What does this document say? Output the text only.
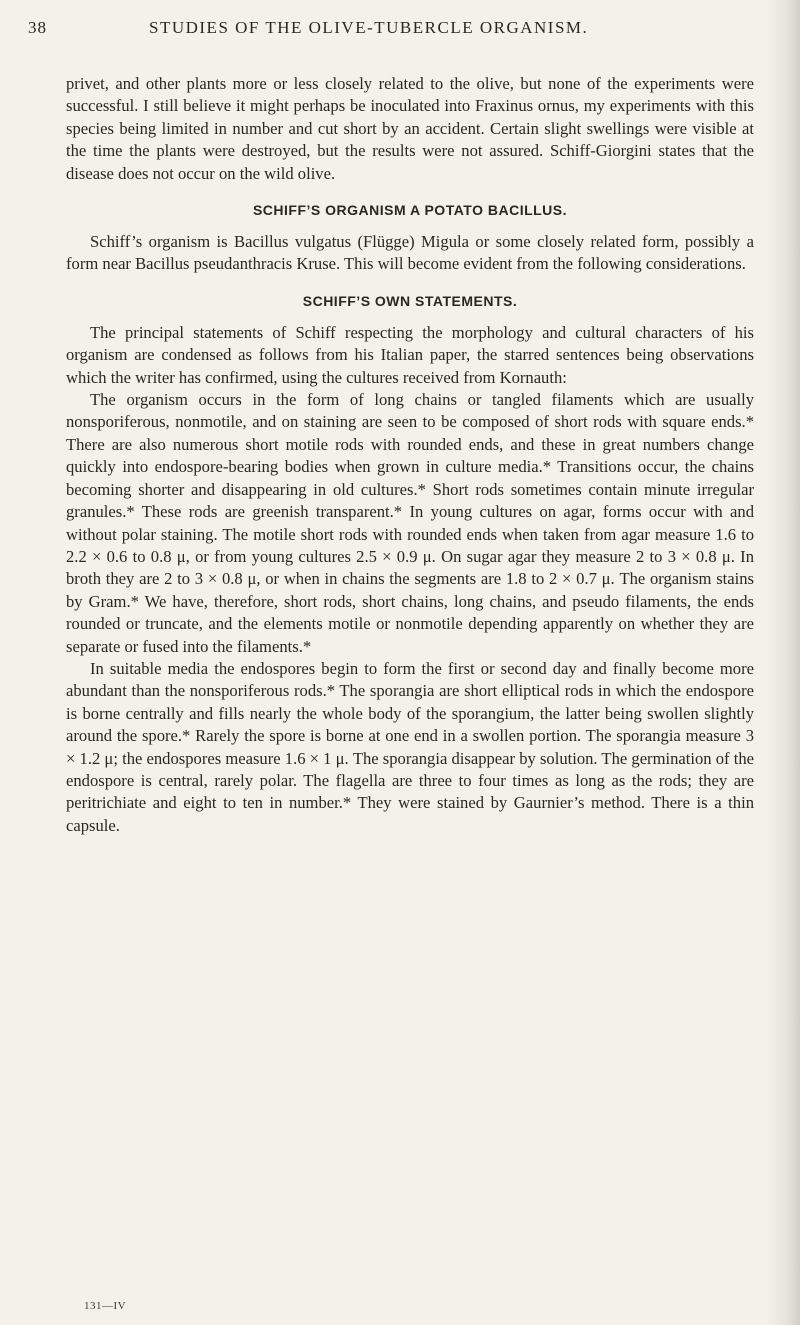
38	STUDIES OF THE OLIVE-TUBERCLE ORGANISM.

privet, and other plants more or less closely related to the olive, but none of the experiments were successful. I still believe it might perhaps be inoculated into Fraxinus ornus, my experiments with this species being limited in number and cut short by an accident. Certain slight swellings were visible at the time the plants were destroyed, but the results were not assured. Schiff-Giorgini states that the disease does not occur on the wild olive.

SCHIFF’S ORGANISM A POTATO BACILLUS.

Schiff’s organism is Bacillus vulgatus (Flügge) Migula or some closely related form, possibly a form near Bacillus pseudanthracis Kruse. This will become evident from the following considerations.

SCHIFF’S OWN STATEMENTS.

The principal statements of Schiff respecting the morphology and cultural characters of his organism are condensed as follows from his Italian paper, the starred sentences being observations which the writer has confirmed, using the cultures received from Kornauth:

The organism occurs in the form of long chains or tangled filaments which are usually nonsporiferous, nonmotile, and on staining are seen to be composed of short rods with square ends.* There are also numerous short motile rods with rounded ends, and these in great numbers change quickly into endospore-bearing bodies when grown in culture media.* Transitions occur, the chains becoming shorter and disappearing in old cultures.* Short rods sometimes contain minute irregular granules.* These rods are greenish transparent.* In young cultures on agar, forms occur with and without polar staining. The motile short rods with rounded ends when taken from agar measure 1.6 to 2.2 × 0.6 to 0.8 μ, or from young cultures 2.5 × 0.9 μ. On sugar agar they measure 2 to 3 × 0.8 μ. In broth they are 2 to 3 × 0.8 μ, or when in chains the segments are 1.8 to 2 × 0.7 μ. The organism stains by Gram.* We have, therefore, short rods, short chains, long chains, and pseudo filaments, the ends rounded or truncate, and the elements motile or nonmotile depending apparently on whether they are separate or fused into the filaments.*

In suitable media the endospores begin to form the first or second day and finally become more abundant than the nonsporiferous rods.* The sporangia are short elliptical rods in which the endospore is borne centrally and fills nearly the whole body of the sporangium, the latter being swollen slightly around the spore.* Rarely the spore is borne at one end in a swollen portion. The sporangia measure 3 × 1.2 μ; the endospores measure 1.6 × 1 μ. The sporangia disappear by solution. The germination of the endospore is central, rarely polar. The flagella are three to four times as long as the rods; they are peritrichiate and eight to ten in number.* They were stained by Gaurnier’s method. There is a thin capsule.

131—IV
